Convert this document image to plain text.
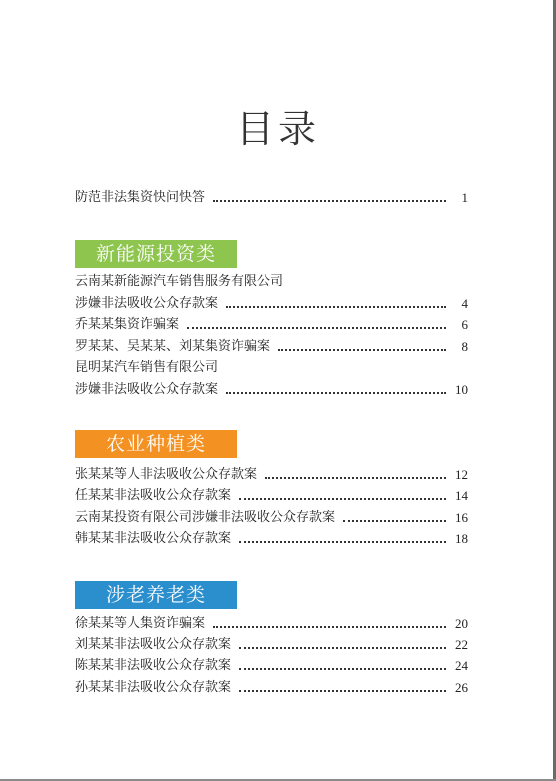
目录
防范非法集资快问快答	1
新能源投资类
云南某新能源汽车销售服务有限公司
涉嫌非法吸收公众存款案	4
乔某某集资诈骗案	6
罗某某、吴某某、刘某集资诈骗案	8
昆明某汽车销售有限公司
涉嫌非法吸收公众存款案	10
农业种植类
张某某等人非法吸收公众存款案	12
任某某非法吸收公众存款案	14
云南某投资有限公司涉嫌非法吸收公众存款案	16
韩某某非法吸收公众存款案	18
涉老养老类
徐某某等人集资诈骗案	20
刘某某非法吸收公众存款案	22
陈某某非法吸收公众存款案	24
孙某某非法吸收公众存款案	26
